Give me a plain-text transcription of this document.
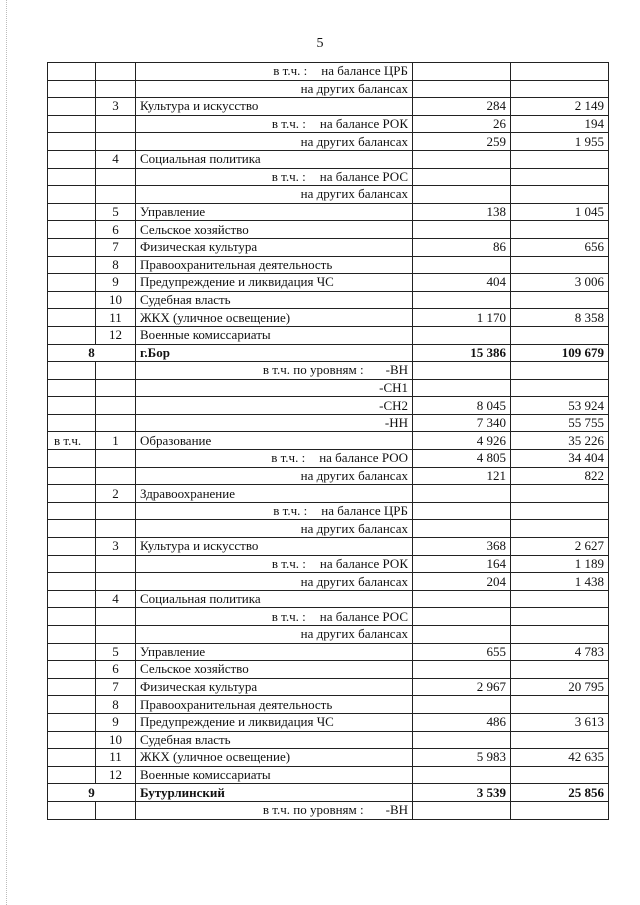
5

		в т.ч. : на балансе ЦРБ		

		на других балансах		
	3	Культура и искусство	284	2 149

		в т.ч. : на балансе РОК	26	194
		на других балансах	259	1 955
	4	Социальная политика		

		в т.ч. : на балансе РОС		

		на других балансах		
	5	Управление	138	1 045
	6	Сельское хозяйство		
	7	Физическая культура	86	656
	8	Правоохранительная деятельность		
	9	Предупреждение и ликвидация ЧС	404	3 006
	10	Судебная власть		
	11	ЖКХ (уличное освещение)	1 170	8 358
	12	Военные комиссариаты		
8		г.Бор	15 386	109 679

		в т.ч. по уровням : -ВН		

		-СН1		

		-СН2	8 045	53 924

		-НН	7 340	55 755
в т.ч.	1	Образование	4 926	35 226

		в т.ч. : на балансе РОО	4 805	34 404
		на других балансах	121	822
	2	Здравоохранение		

		в т.ч. : на балансе ЦРБ		

		на других балансах		
	3	Культура и искусство	368	2 627

		в т.ч. : на балансе РОК	164	1 189
		на других балансах	204	1 438
	4	Социальная политика		

		в т.ч. : на балансе РОС		

		на других балансах		
	5	Управление	655	4 783
	6	Сельское хозяйство		
	7	Физическая культура	2 967	20 795
	8	Правоохранительная деятельность		
	9	Предупреждение и ликвидация ЧС	486	3 613
	10	Судебная власть		
	11	ЖКХ (уличное освещение)	5 983	42 635
	12	Военные комиссариаты		
9		Бутурлинский	3 539	25 856

		в т.ч. по уровням : -ВН		
